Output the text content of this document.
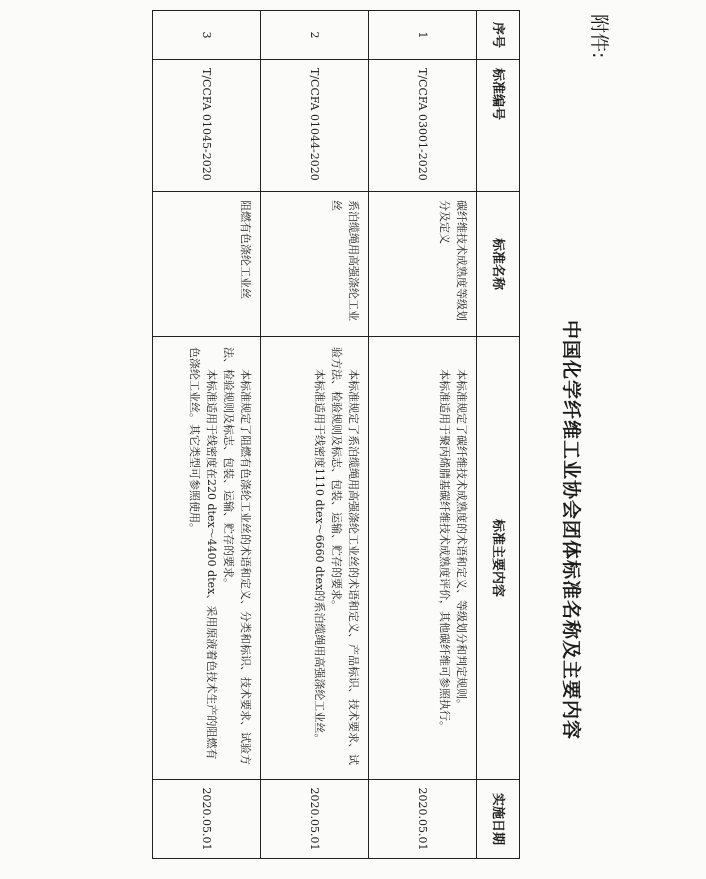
附件:
中国化学纤维工业协会团体标准名称及主要内容
序号	标准编号	标准名称	标准主要内容	实施日期
1	T/CCFA 03001-2020	碳纤维技术成熟度等级划分及定义	本标准规定了碳纤维技术成熟度的术语和定义、等级划分和判定规则。
本标准适用于聚丙烯腈基碳纤维技术成熟度评价，其他碳纤维可参照执行。	2020.05.01
2	T/CCFA 01044-2020	系泊缆绳用高强涤纶工业丝	本标准规定了系泊缆绳用高强涤纶工业丝的术语和定义、产品标识、技术要求、试验方法、检验规则及标志、包装、运输、贮存的要求。
本标准适用于线密度1110 dtex～6660 dtex的系泊缆绳用高强涤纶工业丝。	2020.05.01
3	T/CCFA 01045-2020	阻燃有色涤纶工业丝	本标准规定了阻燃有色涤纶工业丝的术语和定义、分类和标识、技术要求、试验方法、检验规则及标志、包装、运输、贮存的要求。
本标准适用于线密度在220 dtex～4400 dtex、采用原液着色技术生产的阻燃有色涤纶工业丝。其它类型可参照使用。	2020.05.01
